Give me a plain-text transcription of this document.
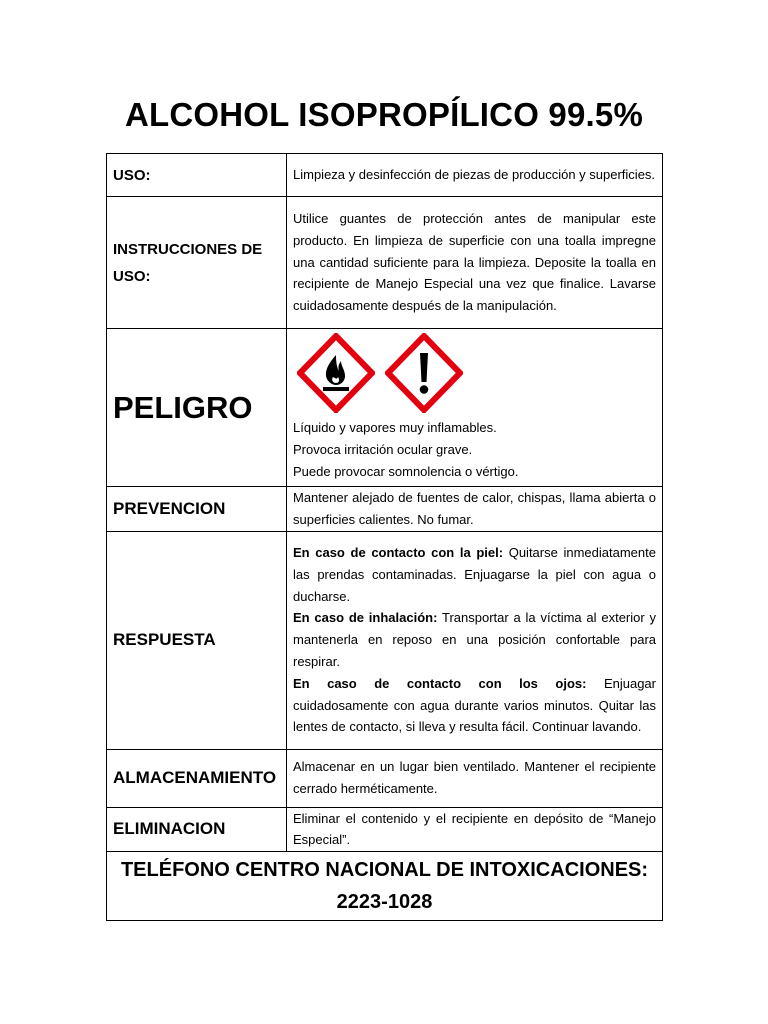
ALCOHOL ISOPROPÍLICO 99.5%
USO:	Limpieza y desinfección de piezas de producción y superficies.
INSTRUCCIONES DE USO:	Utilice guantes de protección antes de manipular este producto. En limpieza de superficie con una toalla impregne una cantidad suficiente para la limpieza. Deposite la toalla en recipiente de Manejo Especial una vez que finalice. Lavarse cuidadosamente después de la manipulación.
PELIGRO	Líquido y vapores muy inflamables.

Provoca irritación ocular grave.

Puede provocar somnolencia o vértigo.

PREVENCION	Mantener alejado de fuentes de calor, chispas, llama abierta o superficies calientes. No fumar.
RESPUESTA	En caso de contacto con la piel: Quitarse inmediatamente las prendas contaminadas. Enjuagarse la piel con agua o ducharse.

En caso de inhalación: Transportar a la víctima al exterior y mantenerla en reposo en una posición confortable para respirar.

En caso de contacto con los ojos: Enjuagar cuidadosamente con agua durante varios minutos. Quitar las lentes de contacto, si lleva y resulta fácil. Continuar lavando.

ALMACENAMIENTO	Almacenar en un lugar bien ventilado. Mantener el recipiente cerrado herméticamente.
ELIMINACION	Eliminar el contenido y el recipiente en depósito de “Manejo Especial”.

TELÉFONO CENTRO NACIONAL DE INTOXICACIONES:
2223-1028	
